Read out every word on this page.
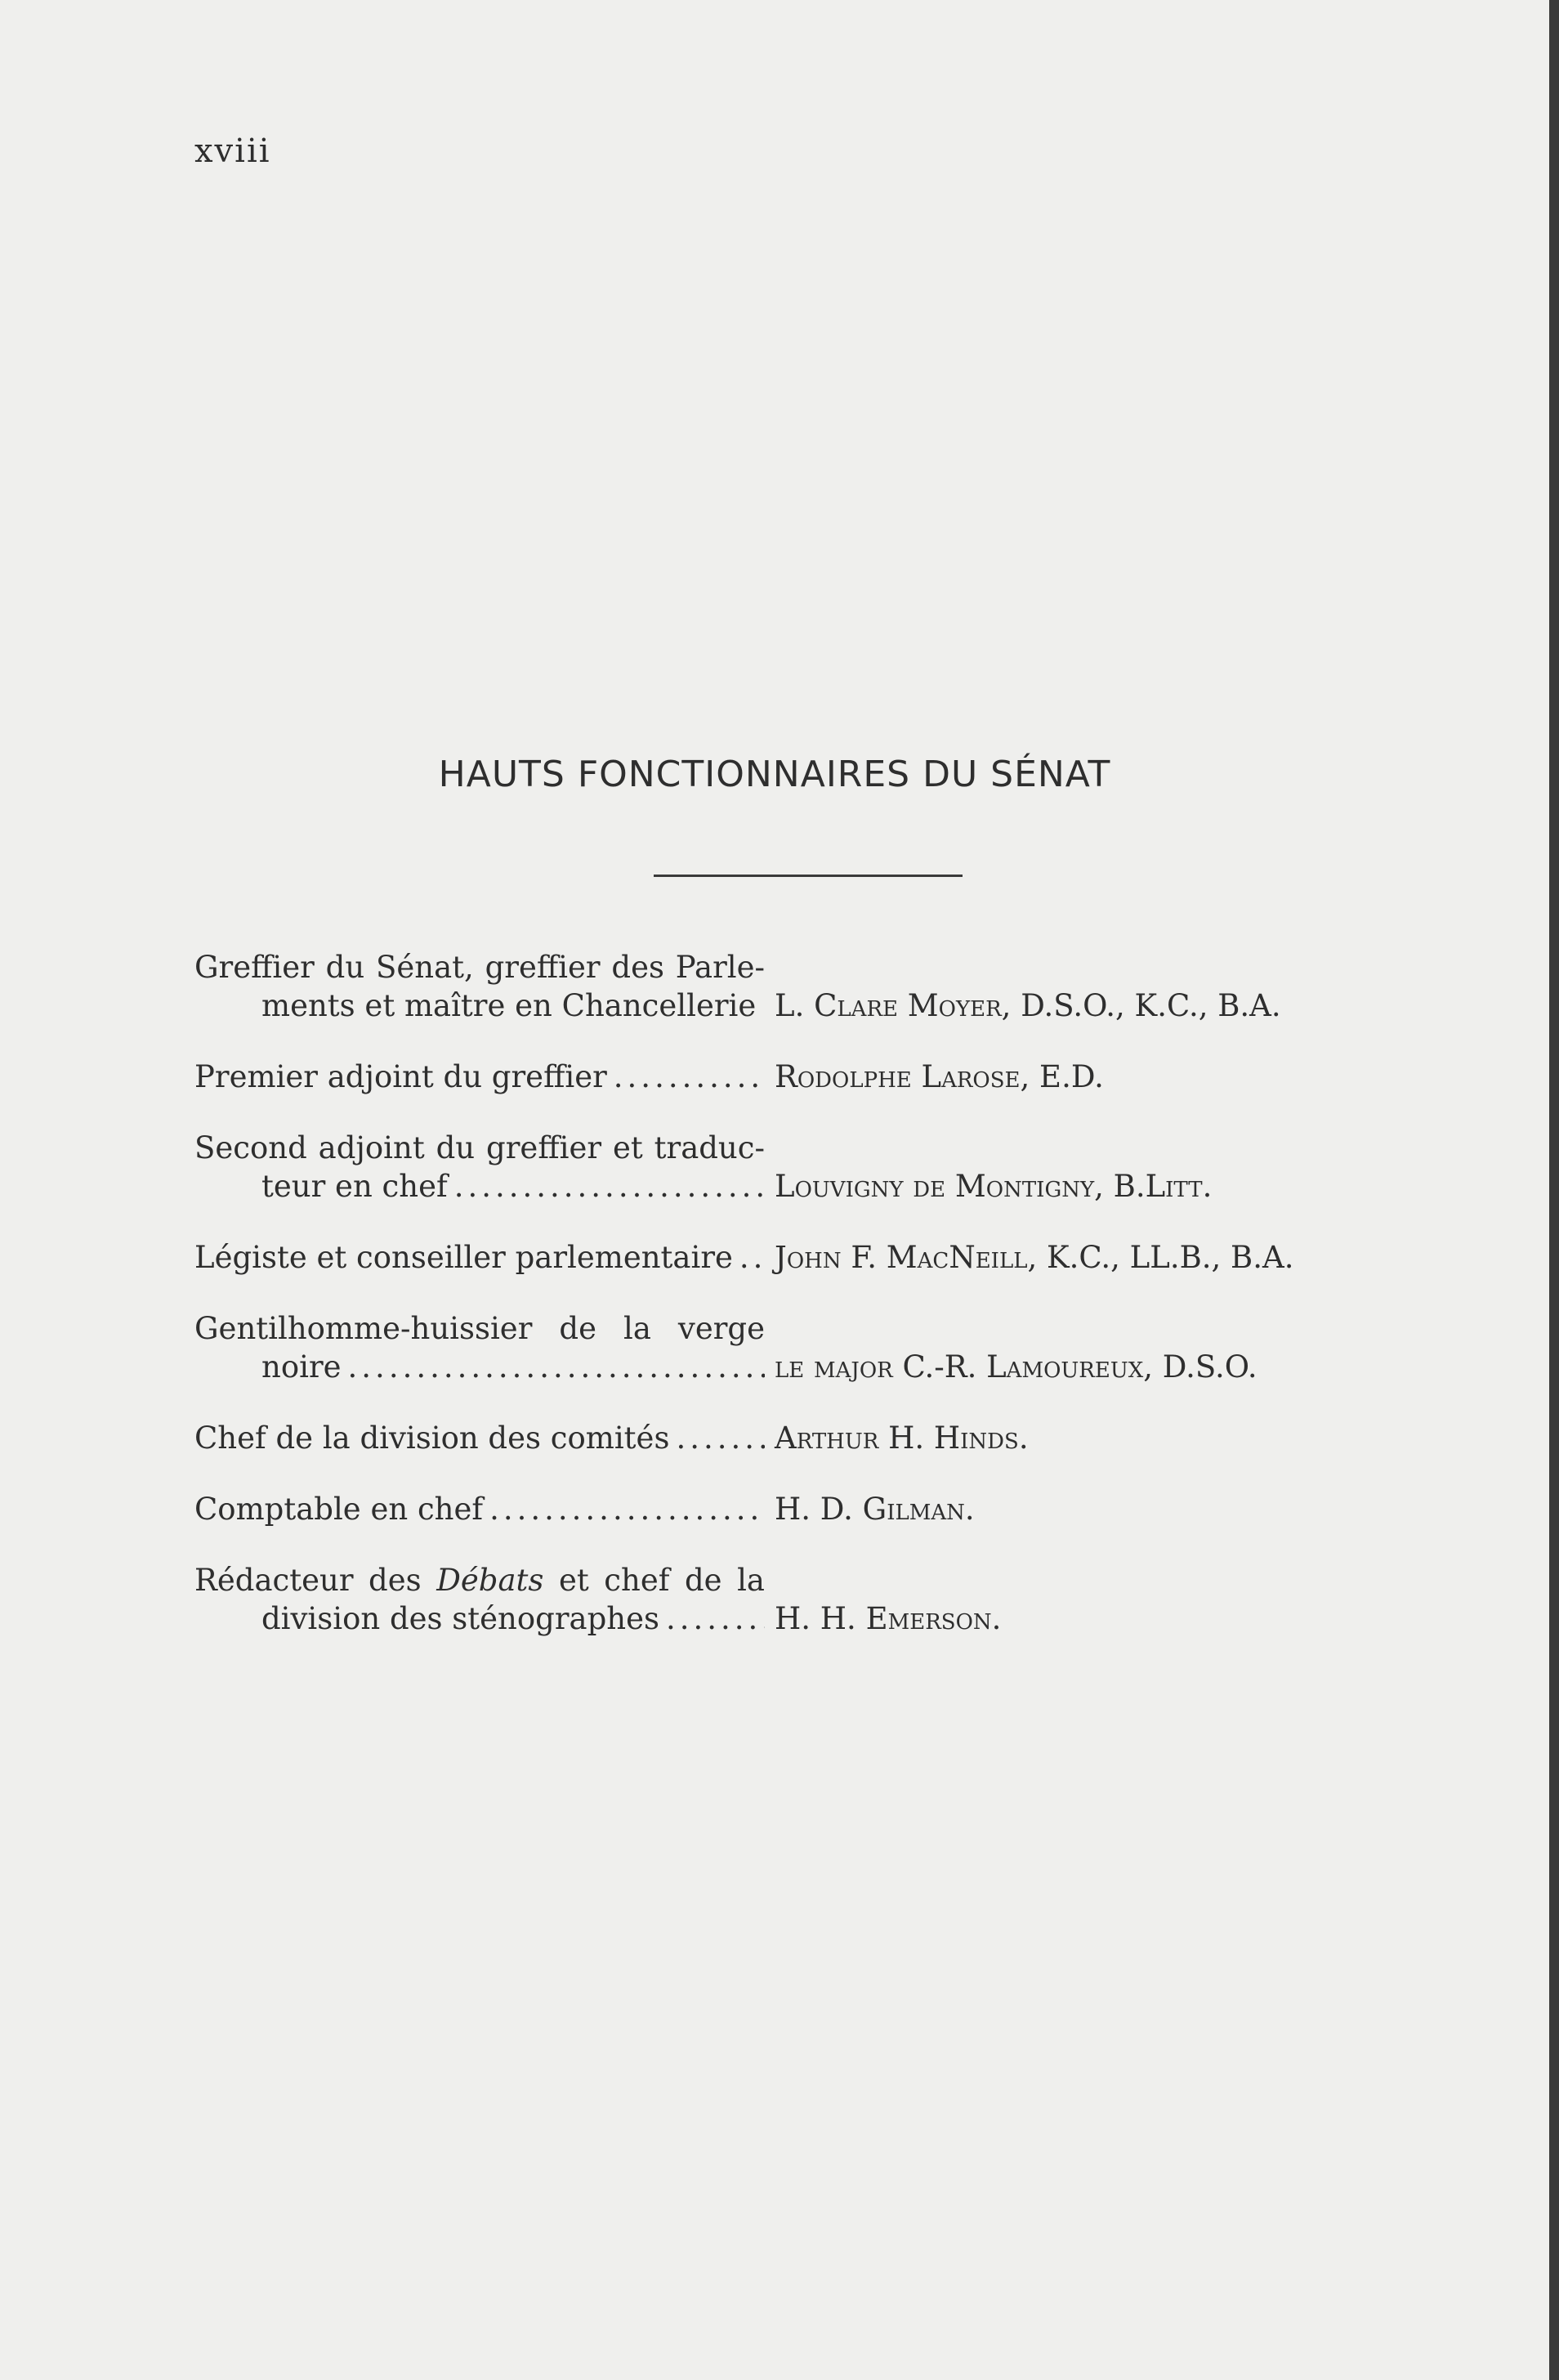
xviii

HAUTS FONCTIONNAIRES DU SÉNAT
Greffier du Sénat, greffier des Parle-
ments et maître en Chancellerie L. Clare Moyer, D.S.O., K.C., B.A.
Premier adjoint du greffier .....	Rodolphe Larose, E.D.
Second adjoint du greffier et traduc-
teur en chef .....	Louvigny de Montigny, B.Litt.
Légiste et conseiller parlementaire .....	John F. MacNeill, K.C., LL.B., B.A.
Gentilhomme-huissier de la verge
noire .....	le major C.-R. Lamoureux, D.S.O.
Chef de la division des comités .....	Arthur H. Hinds.
Comptable en chef .....	H. D. Gilman.
Rédacteur des Débats et chef de la
division des sténographes .....	H. H. Emerson.
